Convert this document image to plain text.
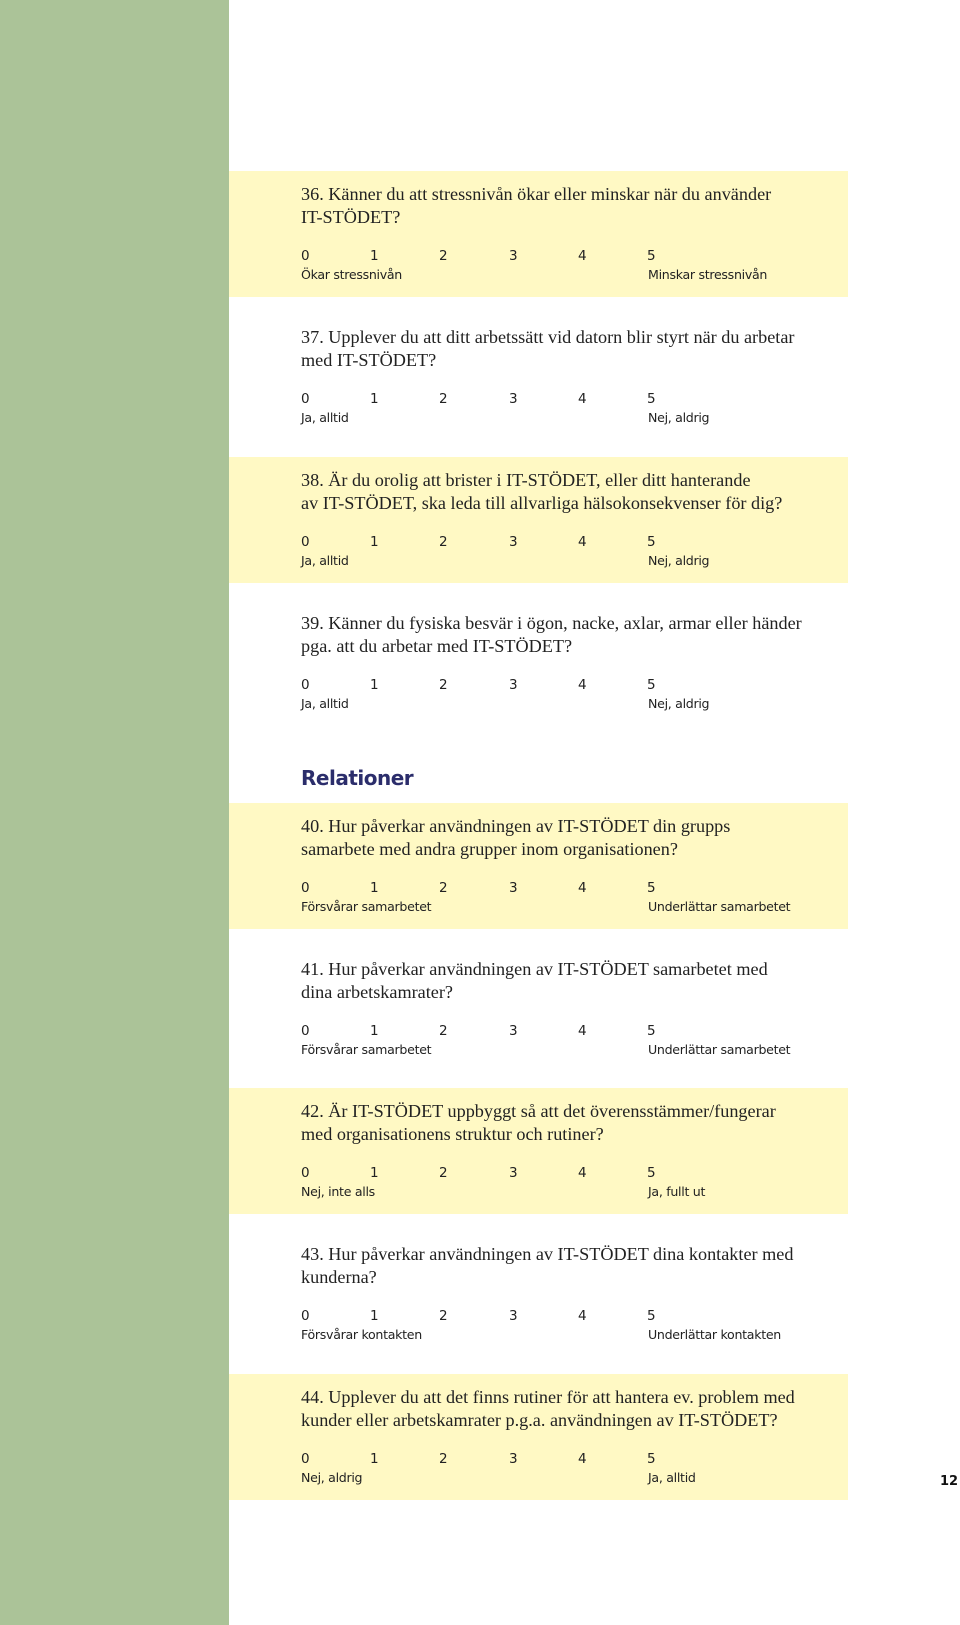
36. Känner du att stressnivån ökar eller minskar när du använder
IT-STÖDET?
0	1	2	3	4	5
Ökar stressnivån	Minskar stressnivån
37. Upplever du att ditt arbetssätt vid datorn blir styrt när du arbetar
med IT-STÖDET?
0	1	2	3	4	5
Ja, alltid	Nej, aldrig
38. Är du orolig att brister i IT-STÖDET, eller ditt hanterande
av IT-STÖDET, ska leda till allvarliga hälsokonsekvenser för dig?
0	1	2	3	4	5
Ja, alltid	Nej, aldrig
39. Känner du fysiska besvär i ögon, nacke, axlar, armar eller händer
pga. att du arbetar med IT-STÖDET?
0	1	2	3	4	5
Ja, alltid	Nej, aldrig
40. Hur påverkar användningen av IT-STÖDET din grupps
samarbete med andra grupper inom organisationen?
0	1	2	3	4	5
Försvårar samarbetet	Underlättar samarbetet
41. Hur påverkar användningen av IT-STÖDET samarbetet med
dina arbetskamrater?
0	1	2	3	4	5
Försvårar samarbetet	Underlättar samarbetet
42. Är IT-STÖDET uppbyggt så att det överensstämmer/fungerar
med organisationens struktur och rutiner?
0	1	2	3	4	5
Nej, inte alls	Ja, fullt ut
43. Hur påverkar användningen av IT-STÖDET dina kontakter med
kunderna?
0	1	2	3	4	5
Försvårar kontakten	Underlättar kontakten
44. Upplever du att det finns rutiner för att hantera ev. problem med
kunder eller arbetskamrater p.g.a. användningen av IT-STÖDET?
0	1	2	3	4	5
Nej, aldrig	Ja, alltid
Relationer
12
